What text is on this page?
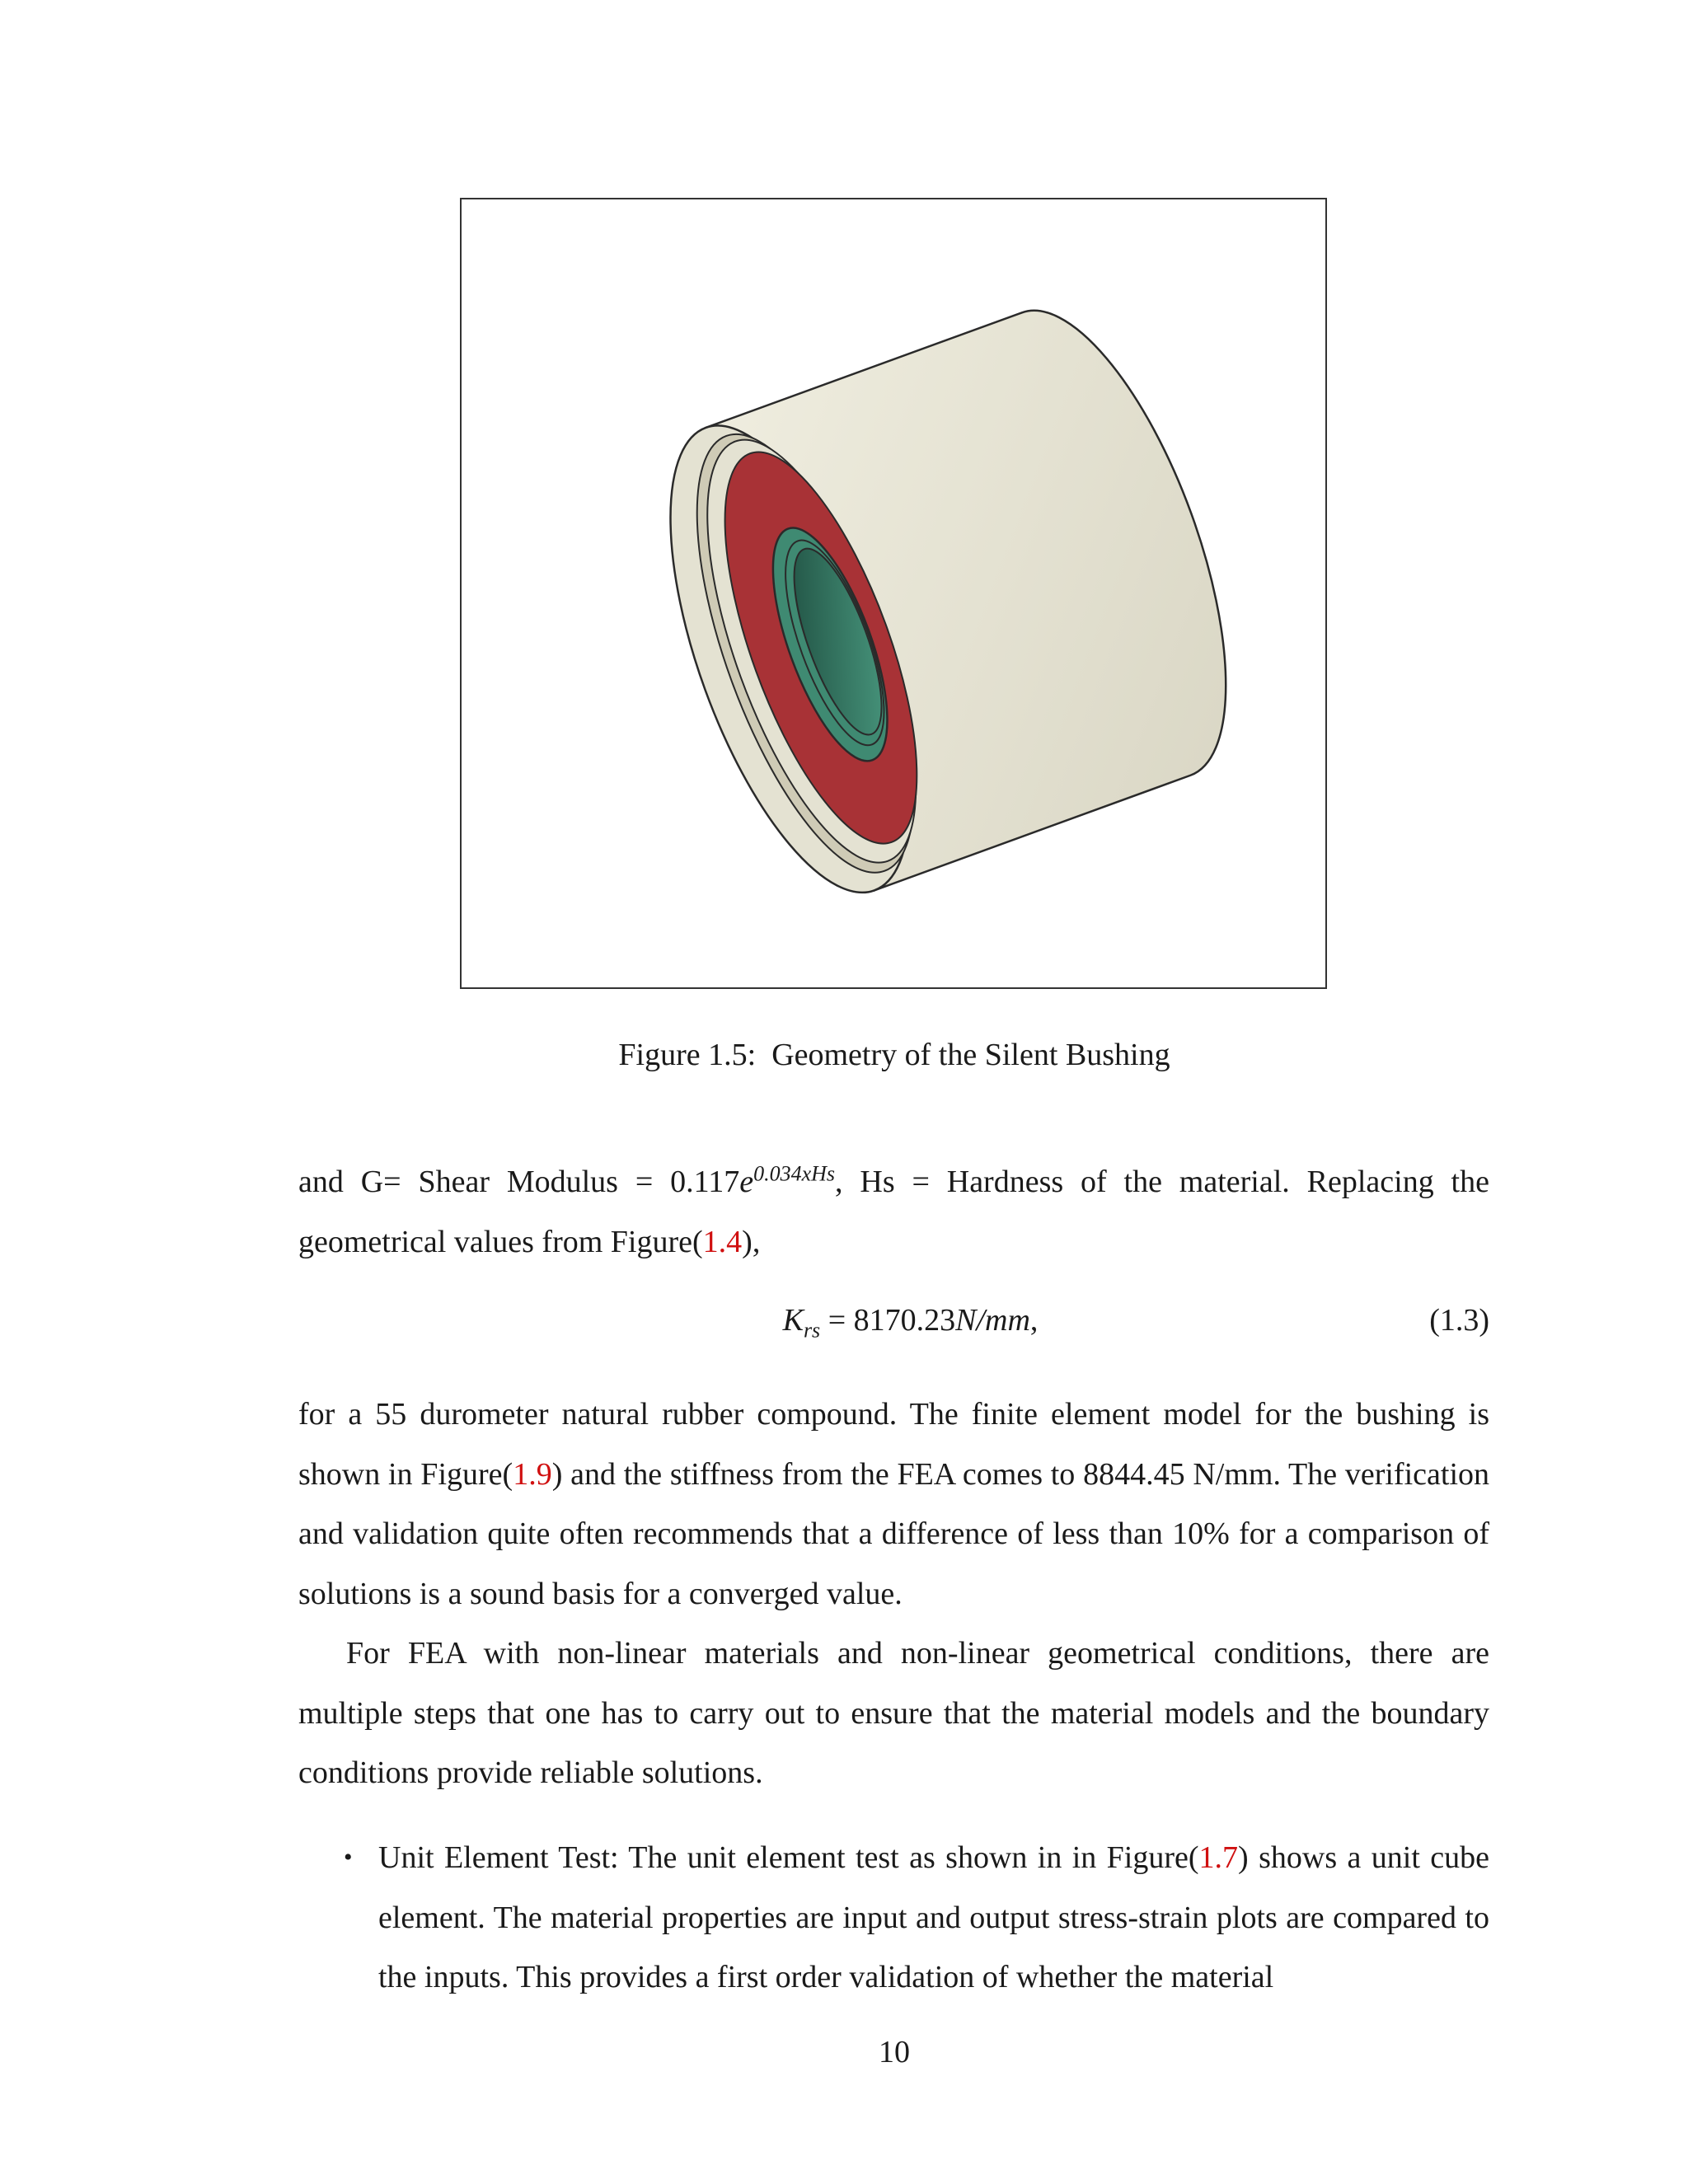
Figure 1.5: Geometry of the Silent Bushing

and G= Shear Modulus = $0.117e^{0.034xHs}$, Hs = Hardness of the material. Replacing the geometrical values from Figure(1.4),

$K_{rs} = 8170.23N/mm$,	(1.3)

for a 55 durometer natural rubber compound. The finite element model for the bushing is shown in Figure(1.9) and the stiffness from the FEA comes to 8844.45 N/mm. The verification and validation quite often recommends that a difference of less than 10% for a comparison of solutions is a sound basis for a converged value.

For FEA with non-linear materials and non-linear geometrical conditions, there are multiple steps that one has to carry out to ensure that the material models and the boundary conditions provide reliable solutions.

• Unit Element Test: The unit element test as shown in in Figure(1.7) shows a unit cube element. The material properties are input and output stress-strain plots are compared to the inputs. This provides a first order validation of whether the material
10
